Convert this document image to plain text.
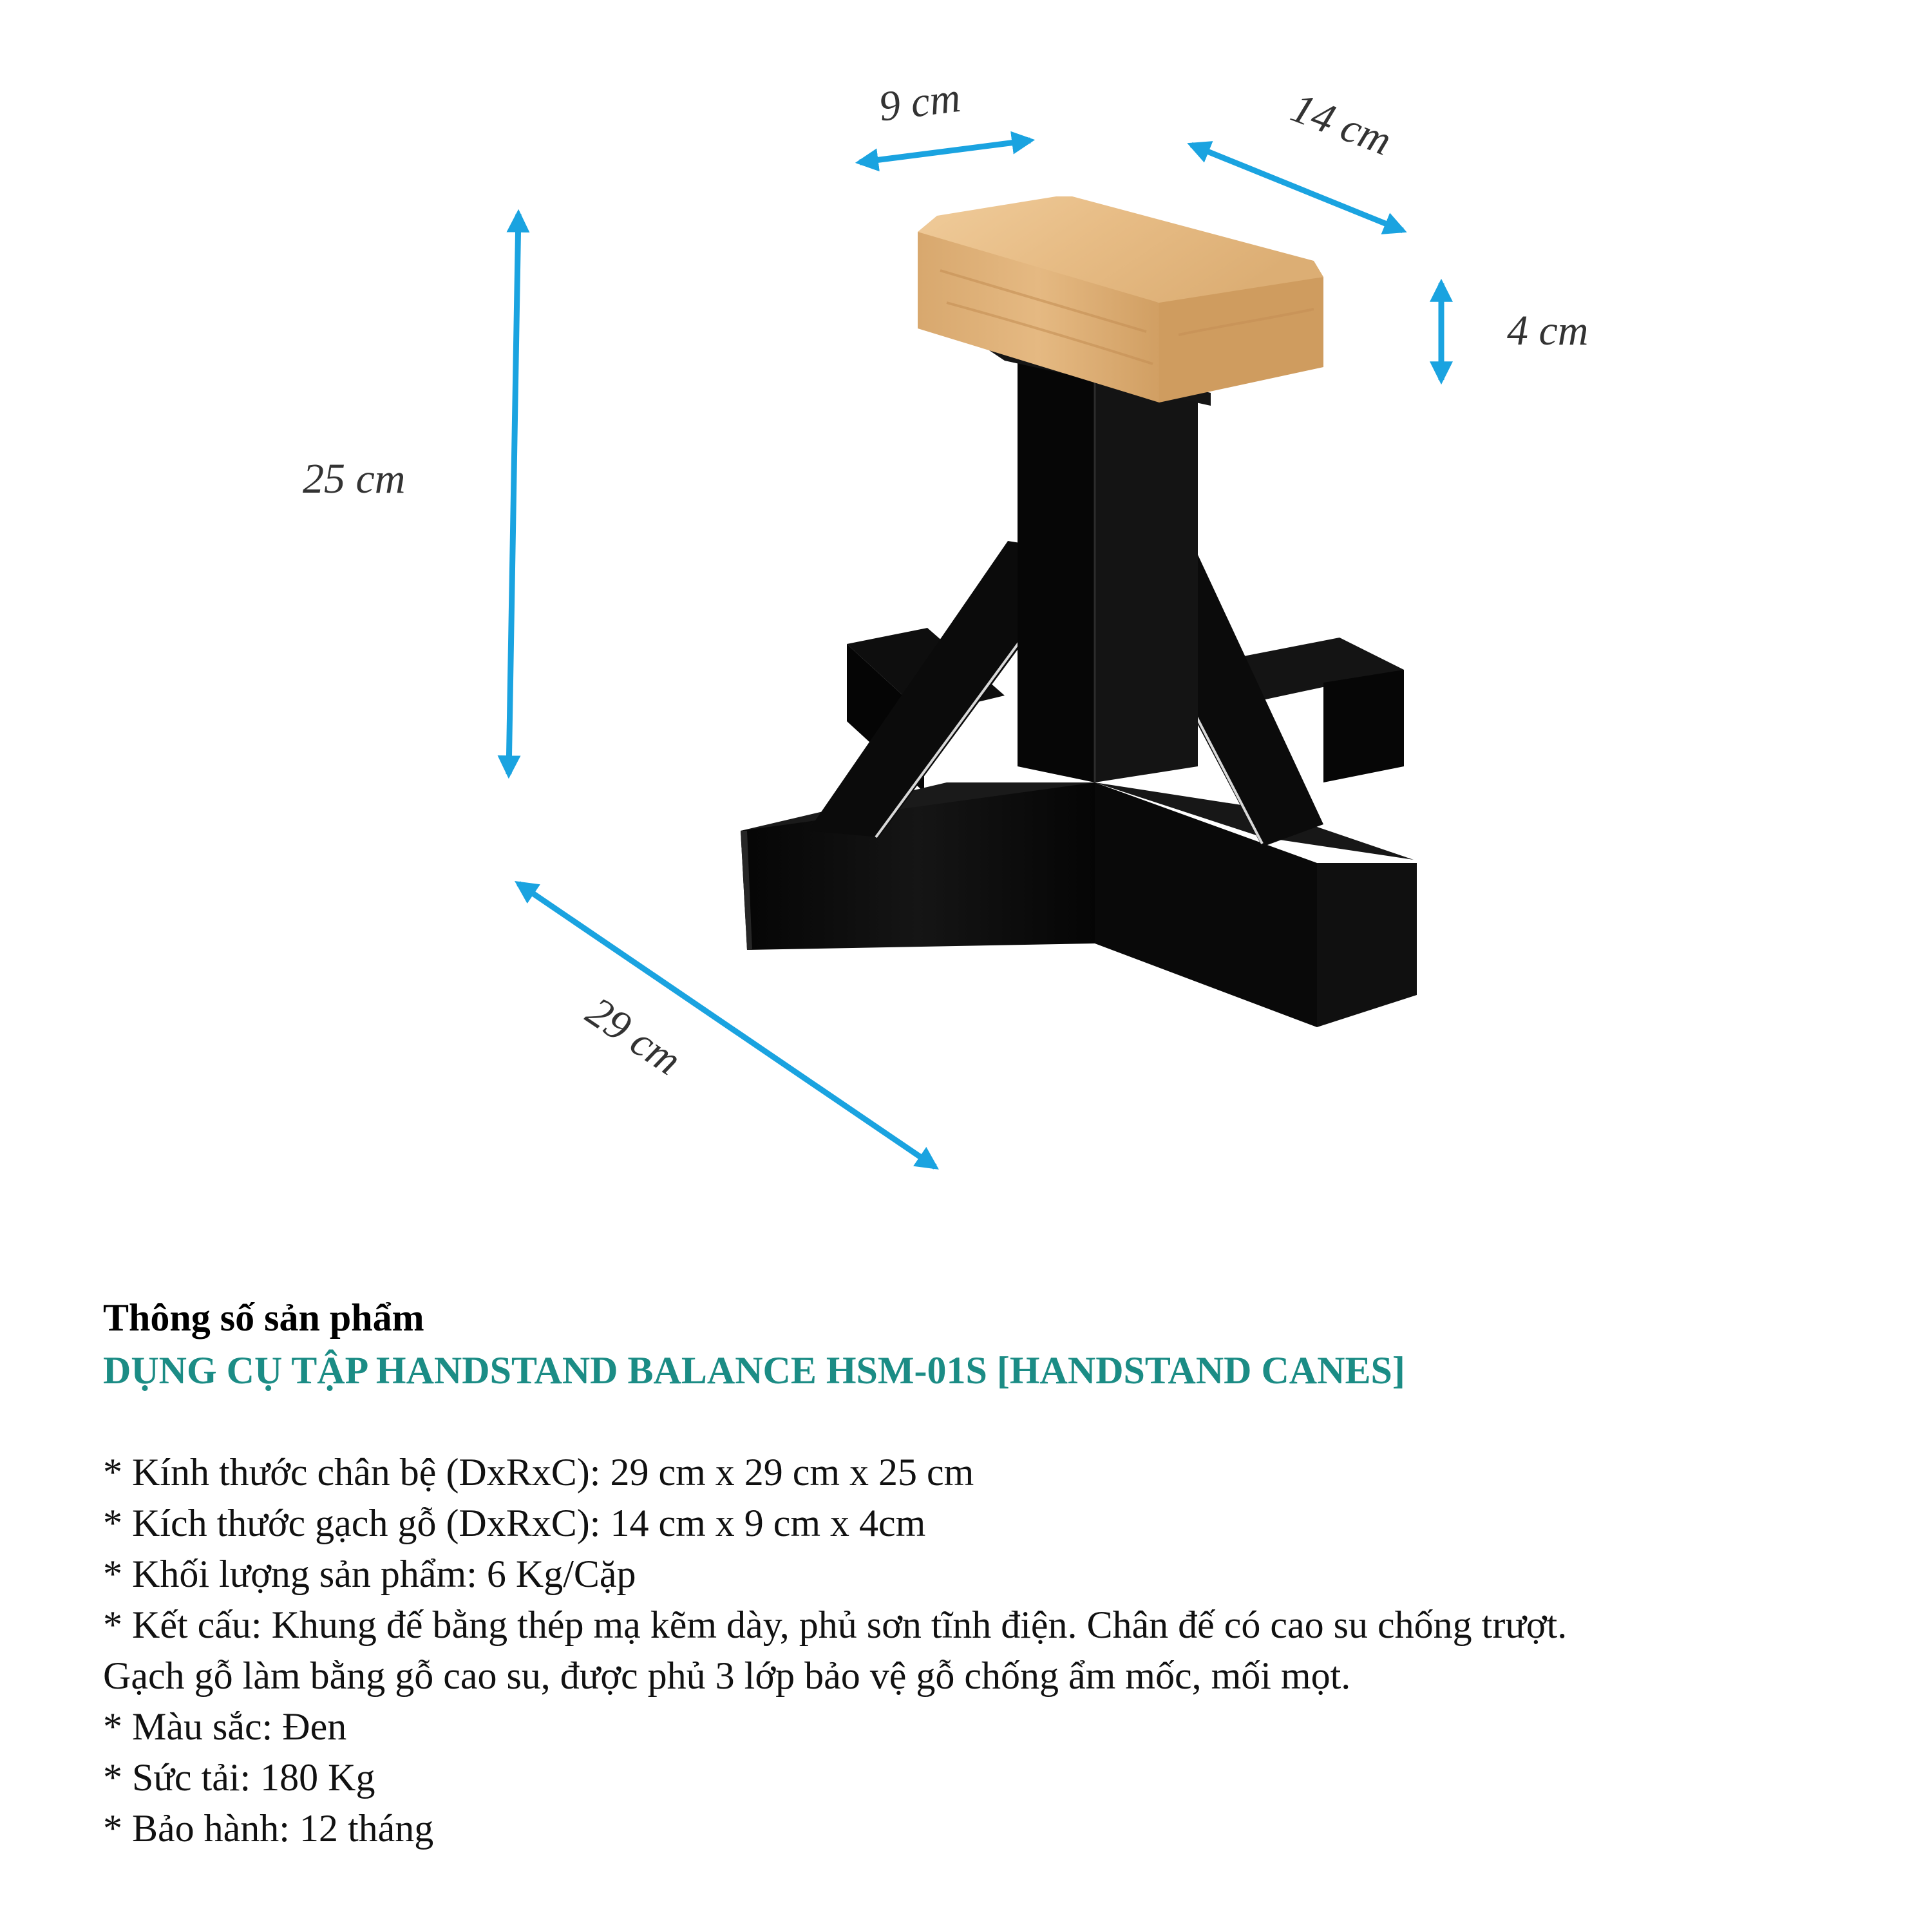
9 cm	14 cm
4 cm
25 cm
29 cm
Thông số sản phẩm
DỤNG CỤ TẬP HANDSTAND BALANCE HSM-01S [HANDSTAND CANES]
* Kính thước chân bệ (DxRxC): 29 cm x 29 cm x 25 cm
* Kích thước gạch gỗ (DxRxC): 14 cm x 9 cm x 4cm
* Khối lượng sản phẩm: 6 Kg/Cặp
* Kết cấu: Khung đế bằng thép mạ kẽm dày, phủ sơn tĩnh điện. Chân đế có cao su chống trượt.
Gạch gỗ làm bằng gỗ cao su, được phủ 3 lớp bảo vệ gỗ chống ẩm mốc, mối mọt.
* Màu sắc: Đen
* Sức tải: 180 Kg
* Bảo hành: 12 tháng
